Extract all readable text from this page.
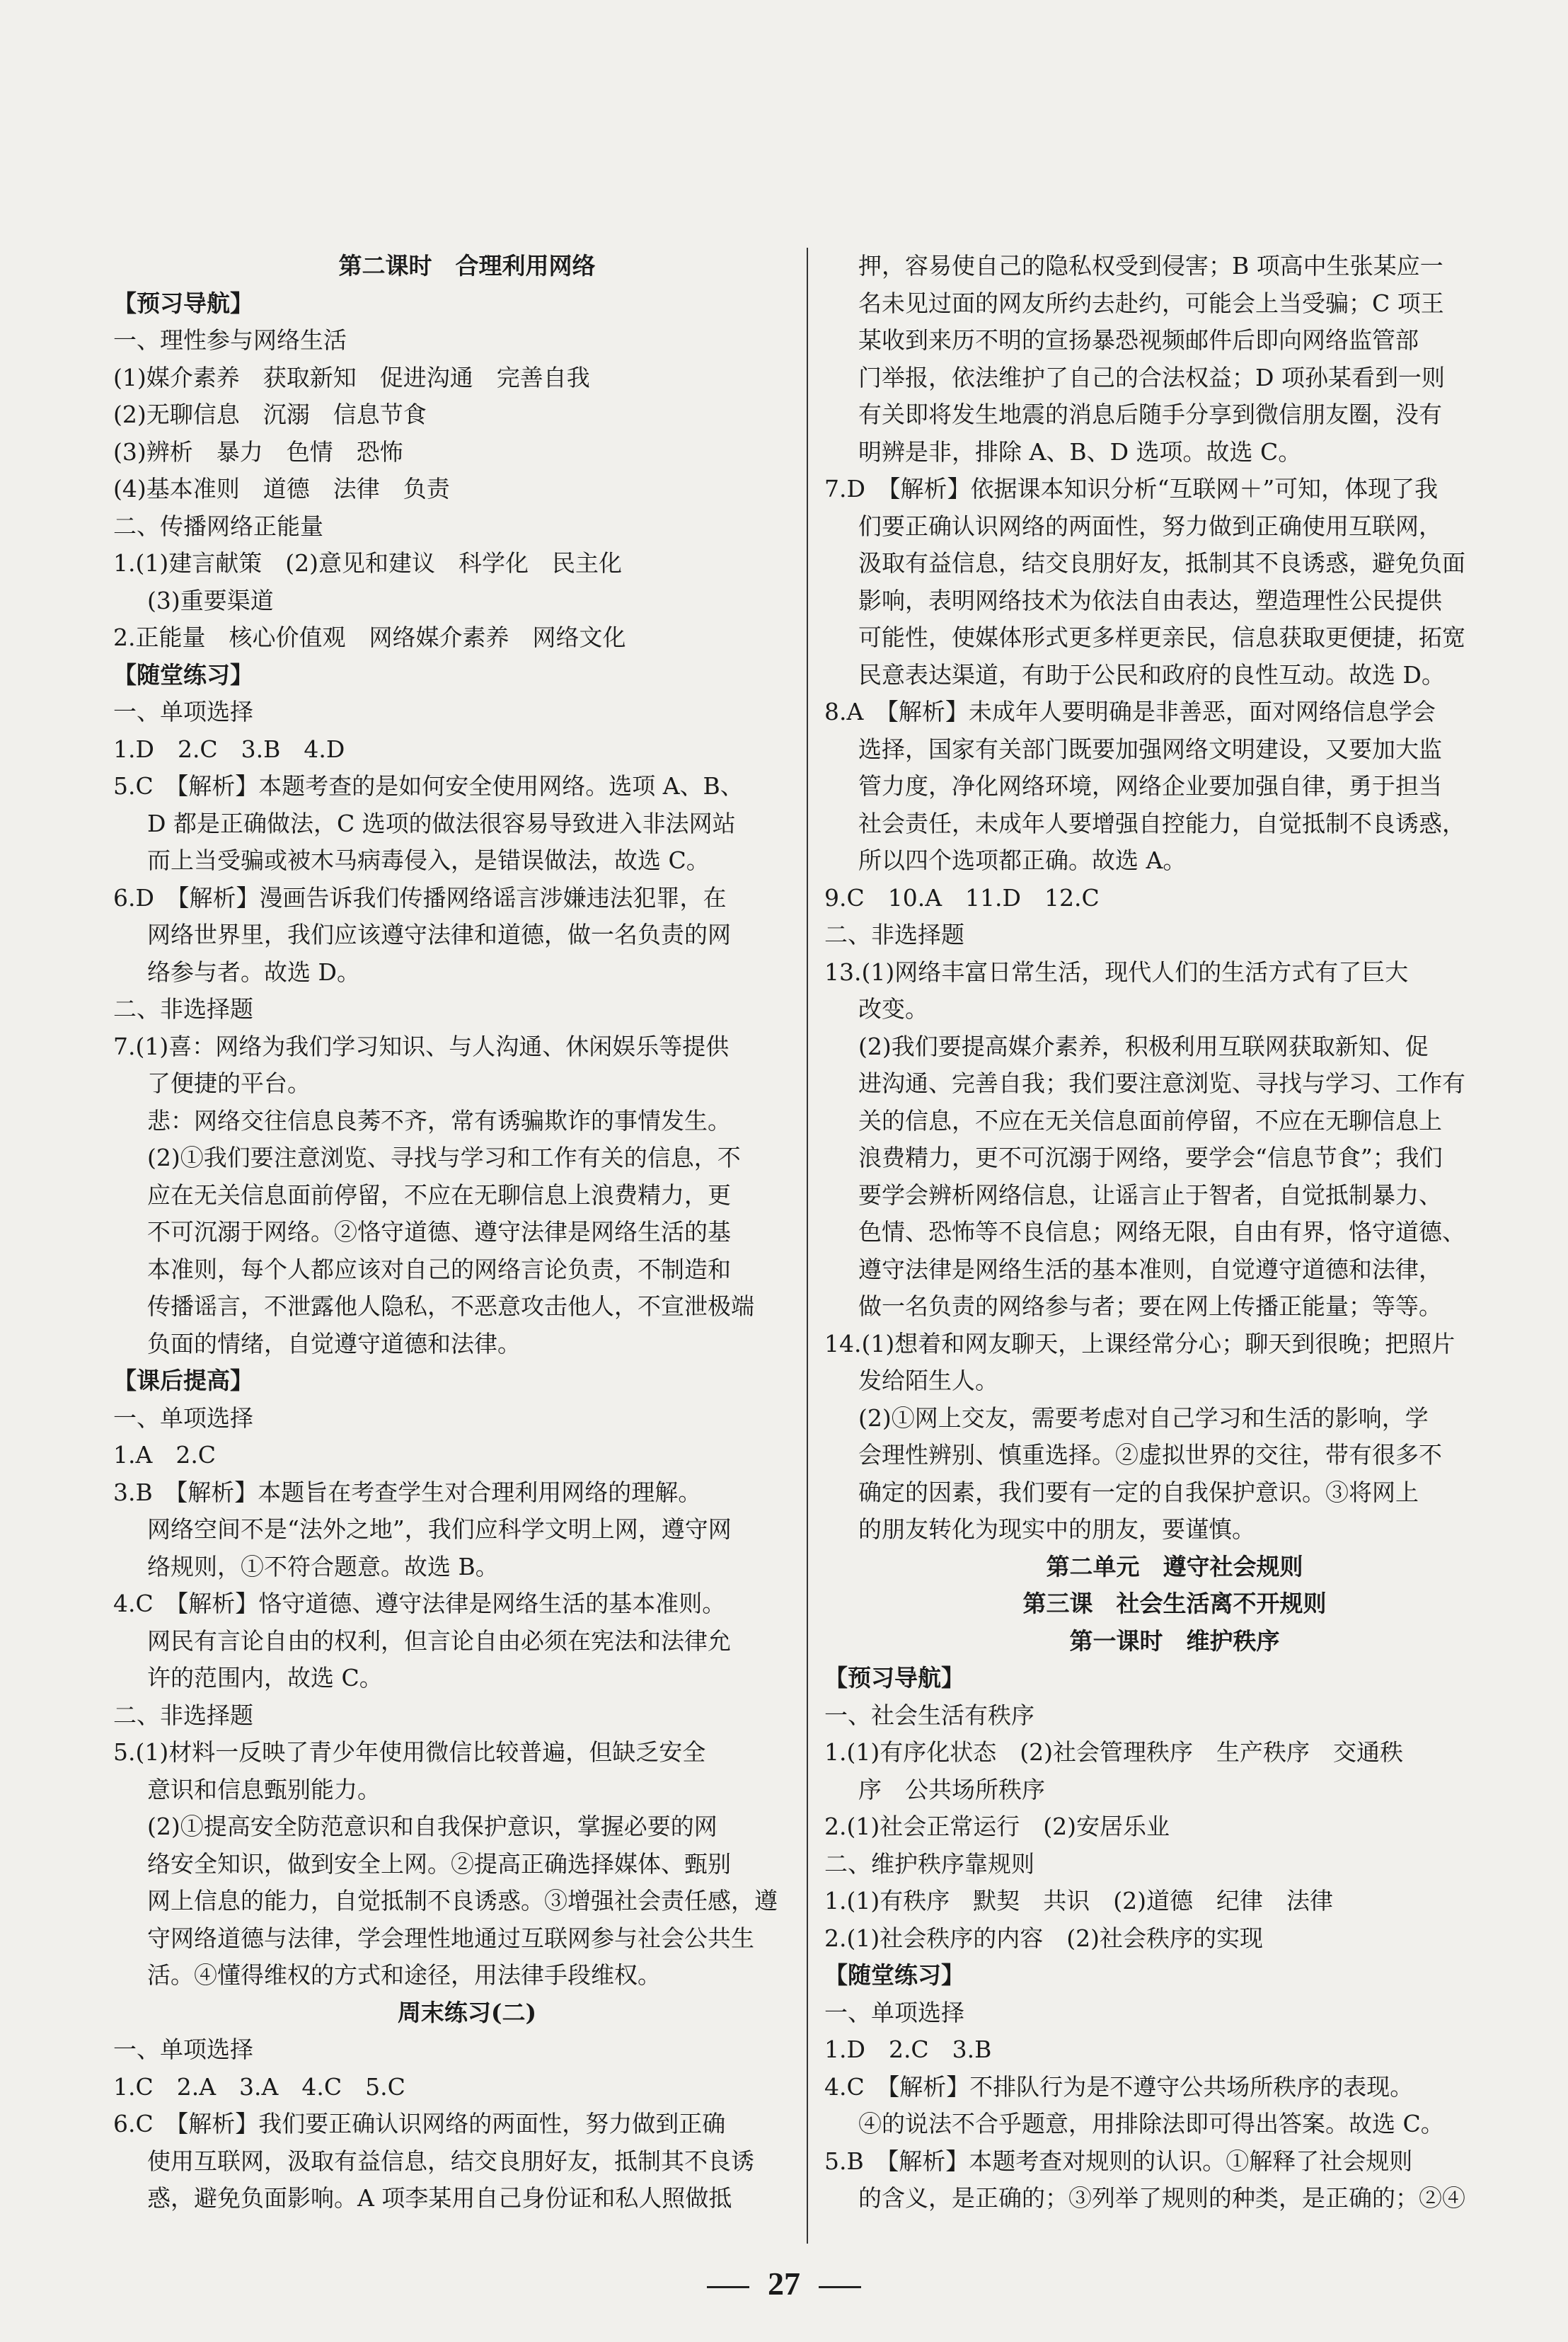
第二课时　合理利用网络
【预习导航】
一、理性参与网络生活
(1)媒介素养　获取新知　促进沟通　完善自我
(2)无聊信息　沉溺　信息节食
(3)辨析　暴力　色情　恐怖
(4)基本准则　道德　法律　负责
二、传播网络正能量
1.(1)建言献策　(2)意见和建议　科学化　民主化
(3)重要渠道
2.正能量　核心价值观　网络媒介素养　网络文化
【随堂练习】
一、单项选择
1.D　2.C　3.B　4.D
5.C　【解析】本题考查的是如何安全使用网络。选项 A、B、
D 都是正确做法，C 选项的做法很容易导致进入非法网站
而上当受骗或被木马病毒侵入，是错误做法，故选 C。
6.D　【解析】漫画告诉我们传播网络谣言涉嫌违法犯罪，在
网络世界里，我们应该遵守法律和道德，做一名负责的网
络参与者。故选 D。
二、非选择题
7.(1)喜：网络为我们学习知识、与人沟通、休闲娱乐等提供
了便捷的平台。
悲：网络交往信息良莠不齐，常有诱骗欺诈的事情发生。
(2)①我们要注意浏览、寻找与学习和工作有关的信息，不
应在无关信息面前停留，不应在无聊信息上浪费精力，更
不可沉溺于网络。②恪守道德、遵守法律是网络生活的基
本准则，每个人都应该对自己的网络言论负责，不制造和
传播谣言，不泄露他人隐私，不恶意攻击他人，不宣泄极端
负面的情绪，自觉遵守道德和法律。
【课后提高】
一、单项选择
1.A　2.C
3.B　【解析】本题旨在考查学生对合理利用网络的理解。
网络空间不是“法外之地”，我们应科学文明上网，遵守网
络规则，①不符合题意。故选 B。
4.C　【解析】恪守道德、遵守法律是网络生活的基本准则。
网民有言论自由的权利，但言论自由必须在宪法和法律允
许的范围内，故选 C。
二、非选择题
5.(1)材料一反映了青少年使用微信比较普遍，但缺乏安全
意识和信息甄别能力。
(2)①提高安全防范意识和自我保护意识，掌握必要的网
络安全知识，做到安全上网。②提高正确选择媒体、甄别
网上信息的能力，自觉抵制不良诱惑。③增强社会责任感，遵
守网络道德与法律，学会理性地通过互联网参与社会公共生
活。④懂得维权的方式和途径，用法律手段维权。
周末练习(二)
一、单项选择
1.C　2.A　3.A　4.C　5.C
6.C　【解析】我们要正确认识网络的两面性，努力做到正确
使用互联网，汲取有益信息，结交良朋好友，抵制其不良诱
惑，避免负面影响。A 项李某用自己身份证和私人照做抵
押，容易使自己的隐私权受到侵害；B 项高中生张某应一
名未见过面的网友所约去赴约，可能会上当受骗；C 项王
某收到来历不明的宣扬暴恐视频邮件后即向网络监管部
门举报，依法维护了自己的合法权益；D 项孙某看到一则
有关即将发生地震的消息后随手分享到微信朋友圈，没有
明辨是非，排除 A、B、D 选项。故选 C。
7.D　【解析】依据课本知识分析“互联网＋”可知，体现了我
们要正确认识网络的两面性，努力做到正确使用互联网，
汲取有益信息，结交良朋好友，抵制其不良诱惑，避免负面
影响，表明网络技术为依法自由表达，塑造理性公民提供
可能性，使媒体形式更多样更亲民，信息获取更便捷，拓宽
民意表达渠道，有助于公民和政府的良性互动。故选 D。
8.A　【解析】未成年人要明确是非善恶，面对网络信息学会
选择，国家有关部门既要加强网络文明建设，又要加大监
管力度，净化网络环境，网络企业要加强自律，勇于担当
社会责任，未成年人要增强自控能力，自觉抵制不良诱惑，
所以四个选项都正确。故选 A。
9.C　10.A　11.D　12.C
二、非选择题
13.(1)网络丰富日常生活，现代人们的生活方式有了巨大
改变。
(2)我们要提高媒介素养，积极利用互联网获取新知、促
进沟通、完善自我；我们要注意浏览、寻找与学习、工作有
关的信息，不应在无关信息面前停留，不应在无聊信息上
浪费精力，更不可沉溺于网络，要学会“信息节食”；我们
要学会辨析网络信息，让谣言止于智者，自觉抵制暴力、
色情、恐怖等不良信息；网络无限，自由有界，恪守道德、
遵守法律是网络生活的基本准则，自觉遵守道德和法律，
做一名负责的网络参与者；要在网上传播正能量；等等。
14.(1)想着和网友聊天，上课经常分心；聊天到很晚；把照片
发给陌生人。
(2)①网上交友，需要考虑对自己学习和生活的影响，学
会理性辨别、慎重选择。②虚拟世界的交往，带有很多不
确定的因素，我们要有一定的自我保护意识。③将网上
的朋友转化为现实中的朋友，要谨慎。
第二单元　遵守社会规则
第三课　社会生活离不开规则
第一课时　维护秩序
【预习导航】
一、社会生活有秩序
1.(1)有序化状态　(2)社会管理秩序　生产秩序　交通秩
序　公共场所秩序
2.(1)社会正常运行　(2)安居乐业
二、维护秩序靠规则
1.(1)有秩序　默契　共识　(2)道德　纪律　法律
2.(1)社会秩序的内容　(2)社会秩序的实现
【随堂练习】
一、单项选择
1.D　2.C　3.B
4.C　【解析】不排队行为是不遵守公共场所秩序的表现。
④的说法不合乎题意，用排除法即可得出答案。故选 C。
5.B　【解析】本题考查对规则的认识。①解释了社会规则
的含义，是正确的；③列举了规则的种类，是正确的；②④
27
